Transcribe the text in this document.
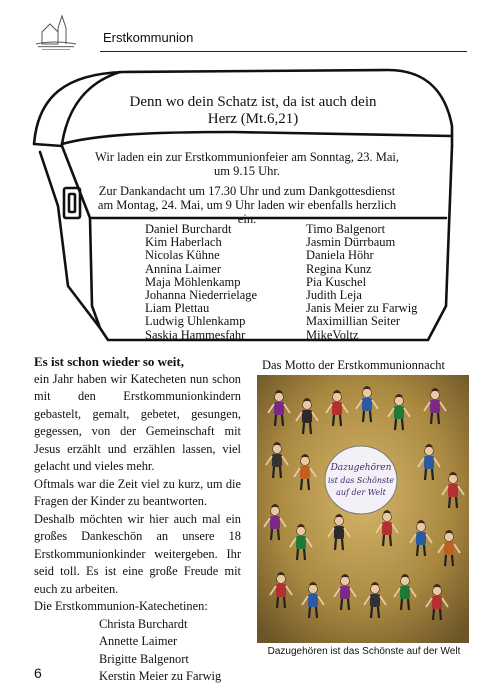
Erstkommunion
Denn wo dein Schatz ist, da ist auch dein Herz (Mt.6,21)

Wir laden ein zur Erstkommunionfeier am Sonntag, 23. Mai, um 9.15 Uhr.

Zur Dankandacht um 17.30 Uhr und zum Dankgottesdienst am Montag, 24. Mai, um 9 Uhr laden wir ebenfalls herzlich ein.

Daniel Burchardt
Kim Haberlach
Nicolas Kühne
Annina Laimer
Maja Möhlenkamp
Johanna Niederrielage
Liam Plettau
Ludwig Uhlenkamp
Saskia Hammesfahr
Timo Balgenort
Jasmin Dürrbaum
Daniela Höhr
Regina Kunz
Pia Kuschel
Judith Leja
Janis Meier zu Farwig
Maximillian Seiter
MikeVoltz

Es ist schon wieder so weit,

ein Jahr haben wir Katecheten nun schon mit den Erstkommunionkindern gebastelt, gemalt, gebetet, gesungen, gegessen, von der Gemeinschaft mit Jesus erzählt und erzählen lassen, viel gelacht und vieles mehr.

Oftmals war die Zeit viel zu kurz, um die Fragen der Kinder zu beantworten.

Deshalb möchten wir hier auch mal ein großes Dankeschön an unsere 18 Erstkommunionkinder weitergeben. Ihr seid toll. Es ist eine große Freude mit euch zu arbeiten.

Die Erstkommunion-Katechetinen:

Christa Burchardt
Annette Laimer
Brigitte Balgenort
Kerstin Meier zu Farwig
Das Motto der Erstkommunionnacht
Dazugehören
ist das Schönste
auf der Welt
Dazugehören ist das Schönste auf der Welt
6
